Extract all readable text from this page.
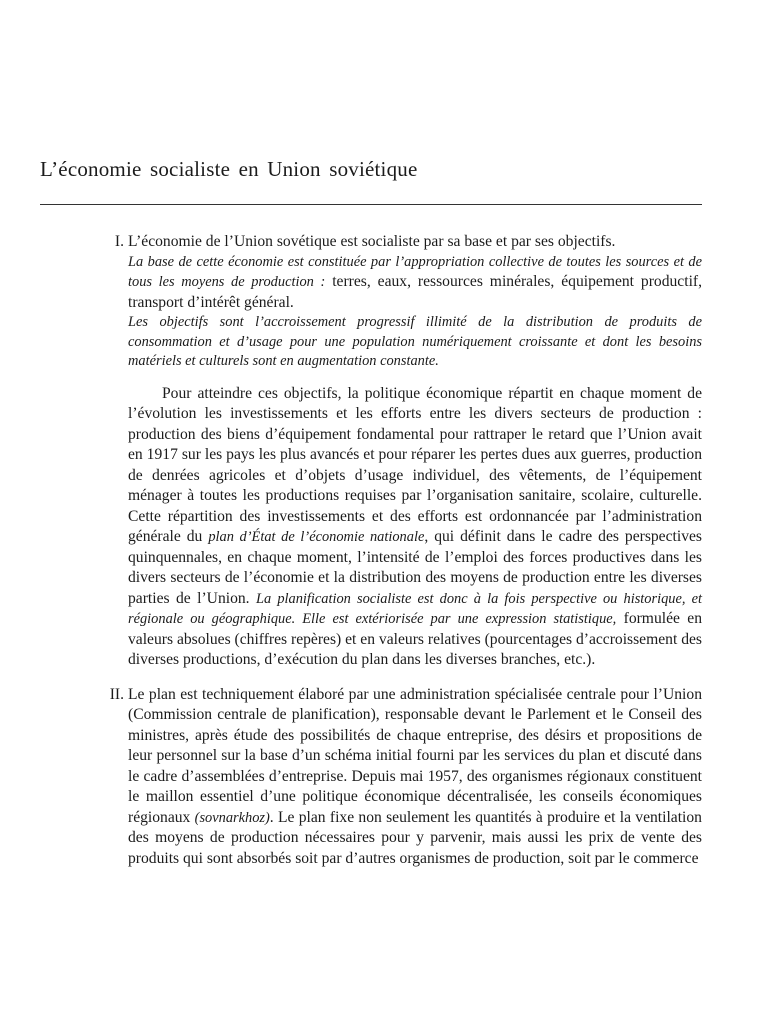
L’économie socialiste en Union soviétique
I. L’économie de l’Union sovétique est socialiste par sa base et par ses objectifs.

La base de cette économie est constituée par l’appropriation collective de toutes les sources et de tous les moyens de production : terres, eaux, ressources minérales, équipement productif, transport d’intérêt général.

Les objectifs sont l’accroissement progressif illimité de la distribution de produits de consommation et d’usage pour une population numériquement croissante et dont les besoins matériels et culturels sont en augmentation constante.

Pour atteindre ces objectifs, la politique économique répartit en chaque moment de l’évolution les investissements et les efforts entre les divers secteurs de production : production des biens d’équipement fondamental pour rattraper le retard que l’Union avait en 1917 sur les pays les plus avancés et pour réparer les pertes dues aux guerres, production de denrées agricoles et d’objets d’usage individuel, des vêtements, de l’équipement ménager à toutes les productions requises par l’organisation sanitaire, scolaire, culturelle. Cette répartition des investissements et des efforts est ordonnancée par l’administration générale du plan d’État de l’économie nationale, qui définit dans le cadre des perspectives quinquennales, en chaque moment, l’intensité de l’emploi des forces productives dans les divers secteurs de l’économie et la distribution des moyens de production entre les diverses parties de l’Union. La planification socialiste est donc à la fois perspective ou historique, et régionale ou géographique. Elle est extériorisée par une expression statistique, formulée en valeurs absolues (chiffres repères) et en valeurs relatives (pourcentages d’accroissement des diverses productions, d’exécution du plan dans les diverses branches, etc.).

II. Le plan est techniquement élaboré par une administration spécialisée centrale pour l’Union (Commission centrale de planification), responsable devant le Parlement et le Conseil des ministres, après étude des possibilités de chaque entreprise, des désirs et propositions de leur personnel sur la base d’un schéma initial fourni par les services du plan et discuté dans le cadre d’assemblées d’entreprise. Depuis mai 1957, des organismes régionaux constituent le maillon essentiel d’une politique économique décentralisée, les conseils économiques régionaux (sovnarkhoz). Le plan fixe non seulement les quantités à produire et la ventilation des moyens de production nécessaires pour y parvenir, mais aussi les prix de vente des produits qui sont absorbés soit par d’autres organismes de production, soit par le commerce
